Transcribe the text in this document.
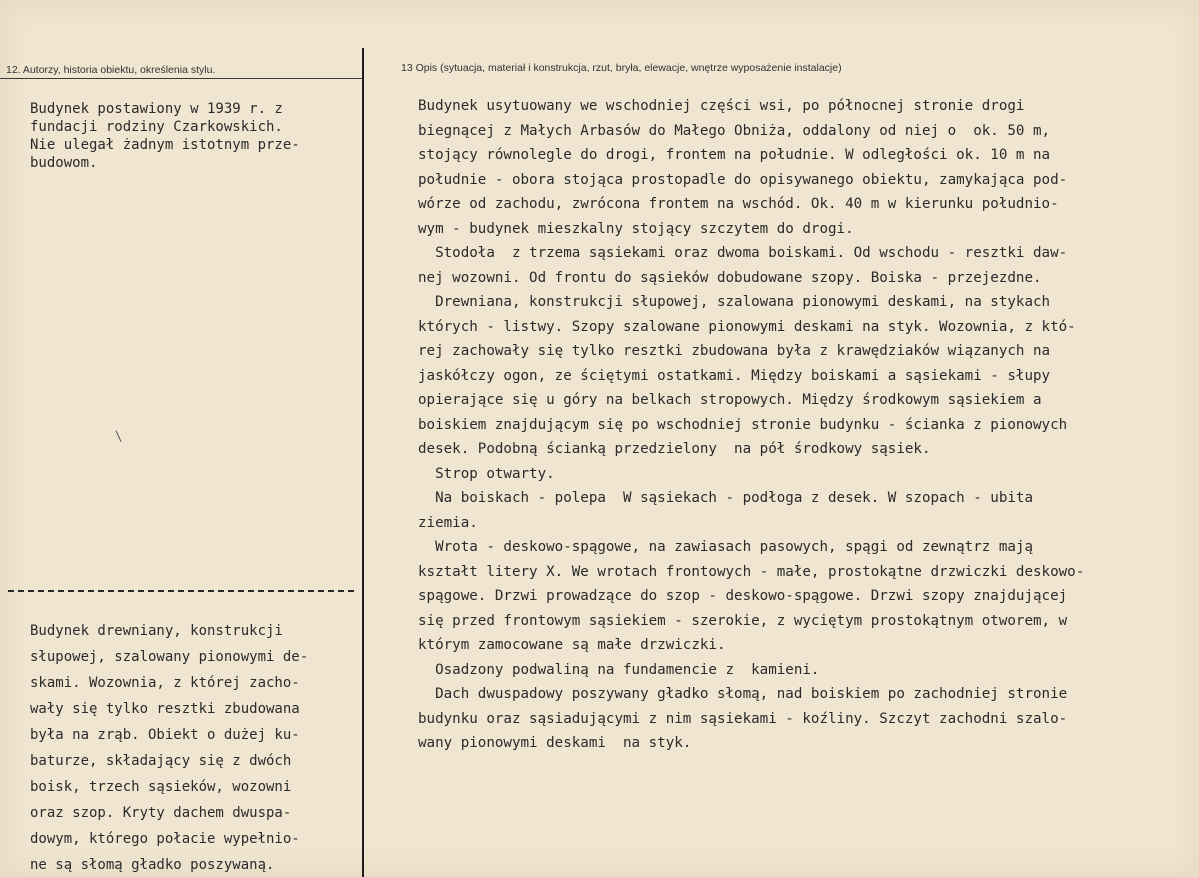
12. Autorzy, historia obiektu, określenia stylu.	13 Opis (sytuacja, materiał i konstrukcja, rzut, bryła, elewacje, wnętrze wyposażenie instalacje)
Budynek postawiony w 1939 r. z
fundacji rodziny Czarkowskich.
Nie ulegał żadnym istotnym prze-
budowom.
Budynek drewniany, konstrukcji
słupowej, szalowany pionowymi de-
skami. Wozownia, z której zacho-
wały się tylko resztki zbudowana
była na zrąb. Obiekt o dużej ku-
baturze, składający się z dwóch
boisk, trzech sąsieków, wozowni
oraz szop. Kryty dachem dwuspa-
dowym, którego połacie wypełnio-
ne są słomą gładko poszywaną.
Budynek usytuowany we wschodniej części wsi, po północnej stronie drogi
biegnącej z Małych Arbasów do Małego Obniża, oddalony od niej o  ok. 50 m,
stojący równolegle do drogi, frontem na południe. W odległości ok. 10 m na
południe - obora stojąca prostopadle do opisywanego obiektu, zamykająca pod-
wórze od zachodu, zwrócona frontem na wschód. Ok. 40 m w kierunku południo-
wym - budynek mieszkalny stojący szczytem do drogi.
Stodoła  z trzema sąsiekami oraz dwoma boiskami. Od wschodu - resztki daw-
nej wozowni. Od frontu do sąsieków dobudowane szopy. Boiska - przejezdne.
Drewniana, konstrukcji słupowej, szalowana pionowymi deskami, na stykach
których - listwy. Szopy szalowane pionowymi deskami na styk. Wozownia, z któ-
rej zachowały się tylko resztki zbudowana była z krawędziaków wiązanych na
jaskółczy ogon, ze ściętymi ostatkami. Między boiskami a sąsiekami - słupy
opierające się u góry na belkach stropowych. Między środkowym sąsiekiem a
boiskiem znajdującym się po wschodniej stronie budynku - ścianka z pionowych
desek. Podobną ścianką przedzielony  na pół środkowy sąsiek.
Strop otwarty.
Na boiskach - polepa  W sąsiekach - podłoga z desek. W szopach - ubita
ziemia.
Wrota - deskowo-spągowe, na zawiasach pasowych, spągi od zewnątrz mają
kształt litery X. We wrotach frontowych - małe, prostokątne drzwiczki deskowo-
spągowe. Drzwi prowadzące do szop - deskowo-spągowe. Drzwi szopy znajdującej
się przed frontowym sąsiekiem - szerokie, z wyciętym prostokątnym otworem, w
którym zamocowane są małe drzwiczki.
Osadzony podwaliną na fundamencie z  kamieni.
Dach dwuspadowy poszywany gładko słomą, nad boiskiem po zachodniej stronie
budynku oraz sąsiadującymi z nim sąsiekami - koźliny. Szczyt zachodni szalo-
wany pionowymi deskami  na styk.
